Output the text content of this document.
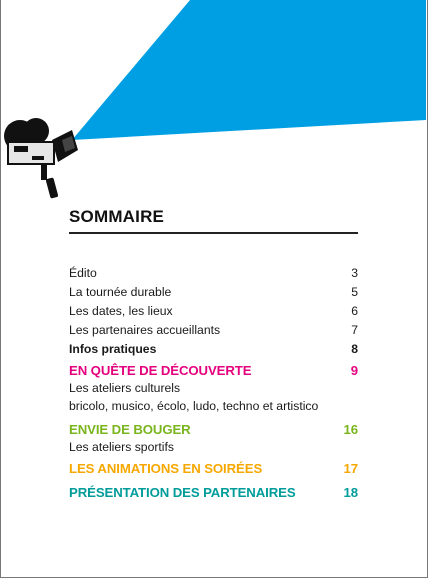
SOMMAIRE
Édito	3
La tournée durable	5
Les dates, les lieux	6
Les partenaires accueillants	7
Infos pratiques	8
EN QUÊTE DE DÉCOUVERTE	9
Les ateliers culturels
bricolo, musico, écolo, ludo, techno et artistico
ENVIE DE BOUGER	16
Les ateliers sportifs
LES ANIMATIONS EN SOIRÉES	17
PRÉSENTATION DES PARTENAIRES	18
